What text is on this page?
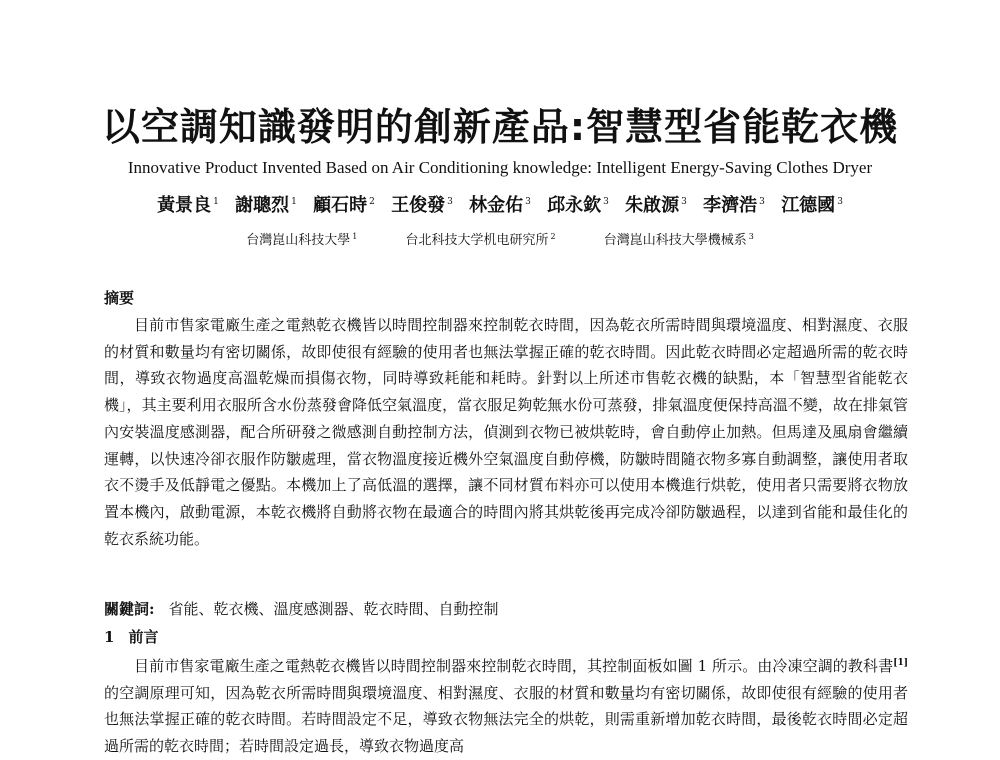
以空調知識發明的創新產品:智慧型省能乾衣機
Innovative Product Invented Based on Air Conditioning knowledge: Intelligent Energy-Saving Clothes Dryer
黃景良 $^1$ 謝聰烈 $^1$ 顧石時 $^2$ 王俊發 $^3$ 林金佑 $^3$ 邱永欽 $^3$ 朱啟源 $^3$ 李濟浩 $^3$ 江德國 $^3$
台灣崑山科技大學 $^1$	台北科技大学机电研究所 $^2$	台灣崑山科技大學機械系 $^3$
摘要

目前市售家電廠生產之電熱乾衣機皆以時間控制器來控制乾衣時間，因為乾衣所需時間與環境溫度、相對濕度、衣服的材質和數量均有密切關係，故即使很有經驗的使用者也無法掌握正確的乾衣時間。因此乾衣時間必定超過所需的乾衣時間，導致衣物過度高溫乾燥而損傷衣物，同時導致耗能和耗時。針對以上所述市售乾衣機的缺點，本「智慧型省能乾衣機」，其主要利用衣服所含水份蒸發會降低空氣溫度，當衣服足夠乾無水份可蒸發，排氣溫度便保持高溫不變，故在排氣管內安裝溫度感測器，配合所研發之微感測自動控制方法，偵測到衣物已被烘乾時，會自動停止加熱。但馬達及風扇會繼續運轉，以快速冷卻衣服作防皺處理，當衣物溫度接近機外空氣溫度自動停機，防皺時間隨衣物多寡自動調整，讓使用者取衣不燙手及低靜電之優點。本機加上了高低溫的選擇，讓不同材質布料亦可以使用本機進行烘乾，使用者只需要將衣物放置本機內，啟動電源，本乾衣機將自動將衣物在最適合的時間內將其烘乾後再完成冷卻防皺過程，以達到省能和最佳化的乾衣系統功能。

關鍵詞: 省能、乾衣機、溫度感測器、乾衣時間、自動控制
1 前言

目前市售家電廠生產之電熱乾衣機皆以時間控制器來控制乾衣時間，其控制面板如圖 1 所示。由冷凍空調的教科書[1] 的空調原理可知，因為乾衣所需時間與環境溫度、相對濕度、衣服的材質和數量均有密切關係，故即使很有經驗的使用者也無法掌握正確的乾衣時間。若時間設定不足，導致衣物無法完全的烘乾，則需重新增加乾衣時間，最後乾衣時間必定超過所需的乾衣時間；若時間設定過長，導致衣物過度高
